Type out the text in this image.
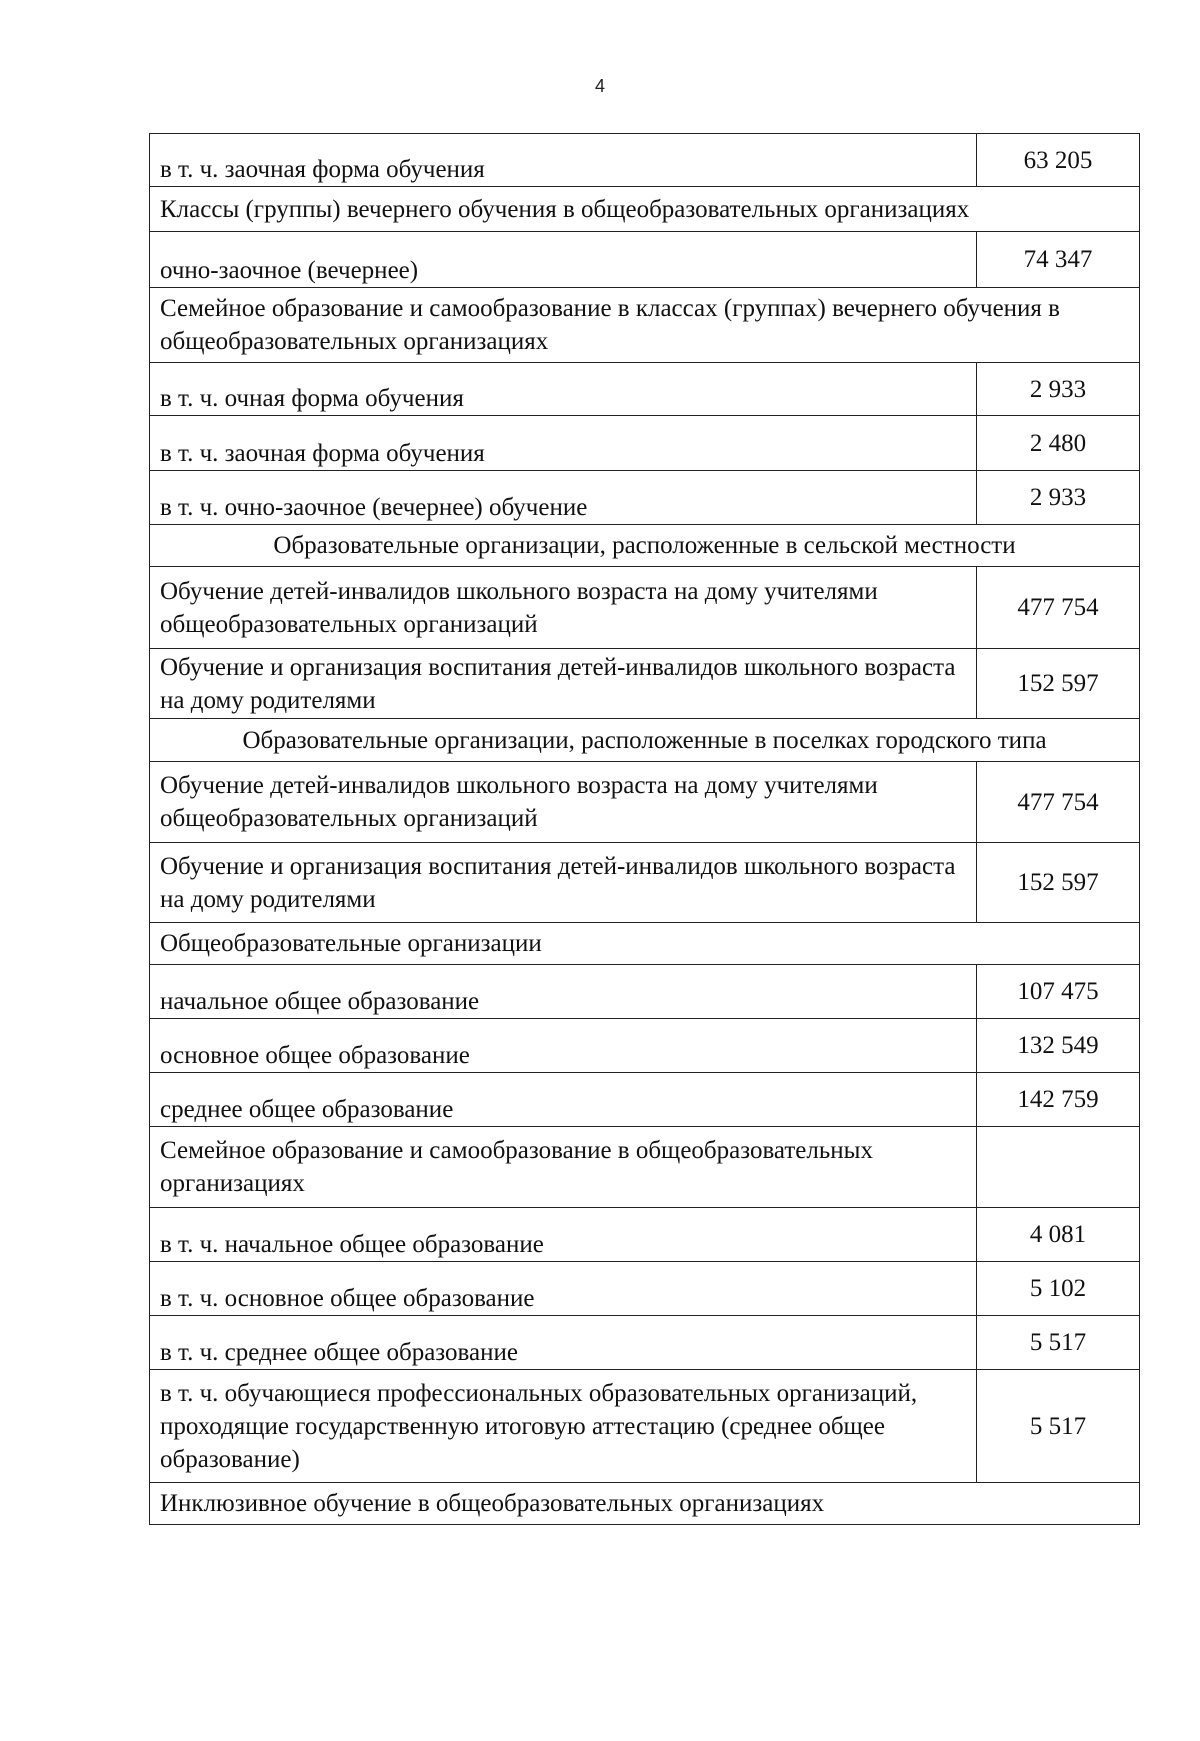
4
в т. ч. заочная форма обучения	63 205
Классы (группы) вечернего обучения в общеобразовательных организациях	
очно-заочное (вечернее)	74 347
Семейное образование и самообразование в классах (группах) вечернего обучения в общеобразовательных организациях	
в т. ч. очная форма обучения	2 933
в т. ч. заочная форма обучения	2 480
в т. ч. очно-заочное (вечернее) обучение	2 933
Образовательные организации, расположенные в сельской местности	
Обучение детей-инвалидов школьного возраста на дому учителями общеобразовательных организаций	477 754
Обучение и организация воспитания детей-инвалидов школьного возраста на дому родителями	152 597
Образовательные организации, расположенные в поселках городского типа	
Обучение детей-инвалидов школьного возраста на дому учителями общеобразовательных организаций	477 754
Обучение и организация воспитания детей-инвалидов школьного возраста на дому родителями	152 597
Общеобразовательные организации	
начальное общее образование	107 475
основное общее образование	132 549
среднее общее образование	142 759
Семейное образование и самообразование в общеобразовательных организациях	
в т. ч. начальное общее образование	4 081
в т. ч. основное общее образование	5 102
в т. ч. среднее общее образование	5 517
в т. ч. обучающиеся профессиональных образовательных организаций, проходящие государственную итоговую аттестацию (среднее общее образование)	5 517
Инклюзивное обучение в общеобразовательных организациях	
